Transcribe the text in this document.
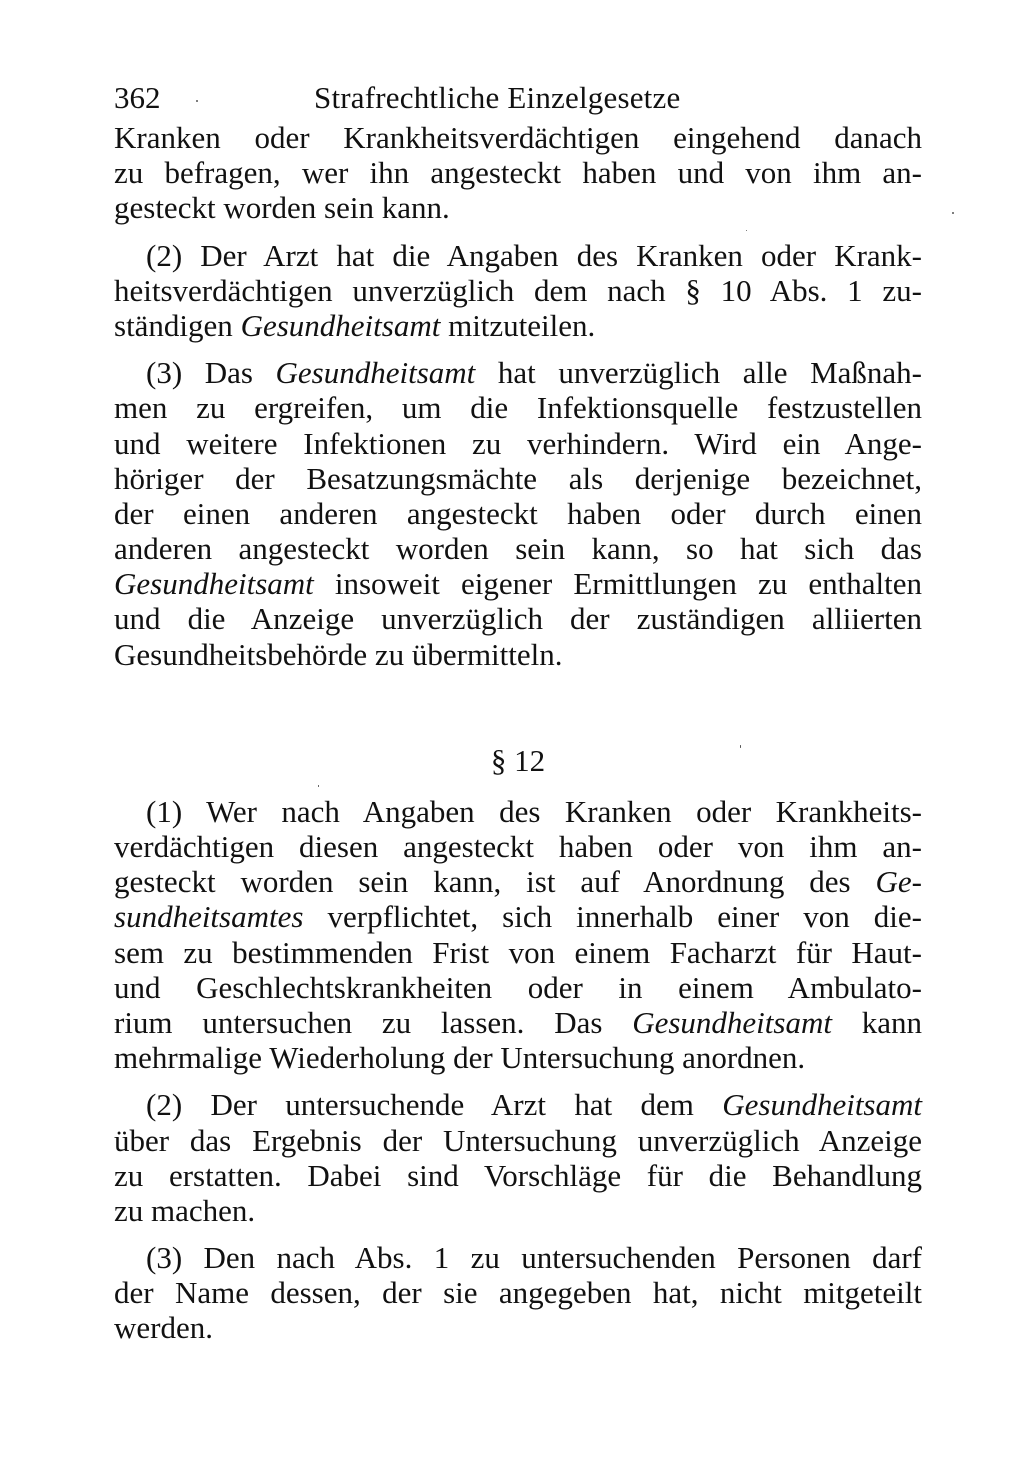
362	Strafrechtliche Einzelgesetze
Kranken oder Krankheitsverdächtigen eingehend danach
zu befragen, wer ihn angesteckt haben und von ihm an-
gesteckt worden sein kann.
(2) Der Arzt hat die Angaben des Kranken oder Krank-
heitsverdächtigen unverzüglich dem nach § 10 Abs. 1 zu-
ständigen Gesundheitsamt mitzuteilen.
(3) Das Gesundheitsamt hat unverzüglich alle Maßnah-
men zu ergreifen, um die Infektionsquelle festzustellen
und weitere Infektionen zu verhindern. Wird ein Ange-
höriger der Besatzungsmächte als derjenige bezeichnet,
der einen anderen angesteckt haben oder durch einen
anderen angesteckt worden sein kann, so hat sich das
Gesundheitsamt insoweit eigener Ermittlungen zu enthalten
und die Anzeige unverzüglich der zuständigen alliierten
Gesundheitsbehörde zu übermitteln.
§ 12
(1) Wer nach Angaben des Kranken oder Krankheits-
verdächtigen diesen angesteckt haben oder von ihm an-
gesteckt worden sein kann, ist auf Anordnung des Ge-
sundheitsamtes verpflichtet, sich innerhalb einer von die-
sem zu bestimmenden Frist von einem Facharzt für Haut-
und Geschlechtskrankheiten oder in einem Ambulato-
rium untersuchen zu lassen. Das Gesundheitsamt kann
mehrmalige Wiederholung der Untersuchung anordnen.
(2) Der untersuchende Arzt hat dem Gesundheitsamt
über das Ergebnis der Untersuchung unverzüglich Anzeige
zu erstatten. Dabei sind Vorschläge für die Behandlung
zu machen.
(3) Den nach Abs. 1 zu untersuchenden Personen darf
der Name dessen, der sie angegeben hat, nicht mitgeteilt
werden.
